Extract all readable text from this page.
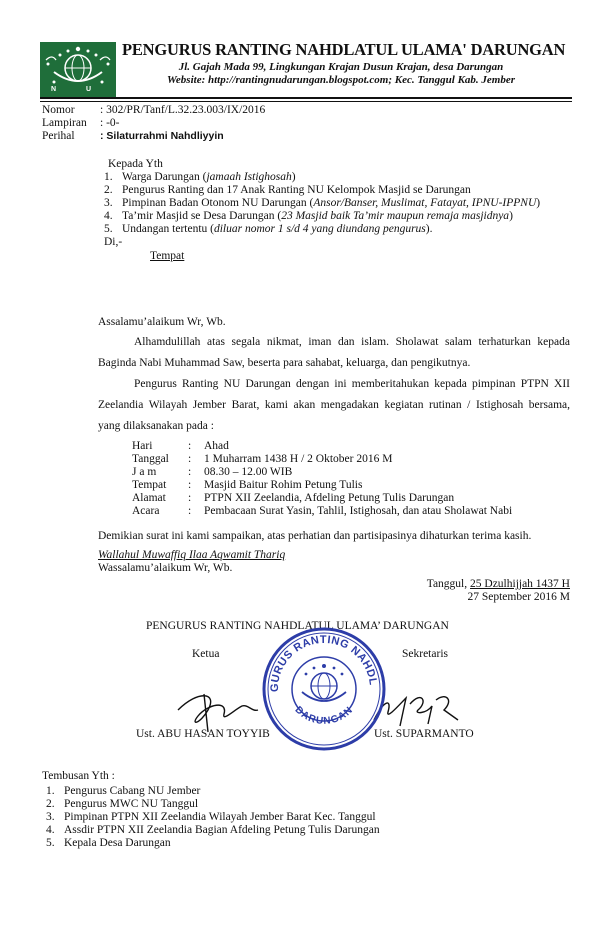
N U
PENGURUS RANTING NAHDLATUL ULAMA' DARUNGAN
Jl. Gajah Mada 99, Lingkungan Krajan Dusun Krajan, desa Darungan
Website: http://rantingnudarungan.blogspot.com; Kec. Tanggul Kab. Jember
Nomor : 302/PR/Tanf/L.32.23.003/IX/2016
Lampiran : -0-
Perihal : Silaturrahmi Nahdliyyin
Kepada Yth
1. Warga Darungan (jamaah Istighosah)
2. Pengurus Ranting dan 17 Anak Ranting NU Kelompok Masjid se Darungan
3. Pimpinan Badan Otonom NU Darungan (Ansor/Banser, Muslimat, Fatayat, IPNU-IPPNU)
4. Ta’mir Masjid se Desa Darungan (23 Masjid baik Ta’mir maupun remaja masjidnya)
5. Undangan tertentu (diluar nomor 1 s/d 4 yang diundang pengurus).
Di,-
Tempat
Assalamu’alaikum Wr, Wb.
Alhamdulillah atas segala nikmat, iman dan islam. Sholawat salam terhaturkan kepada
Baginda Nabi Muhammad Saw, beserta para sahabat, keluarga, dan pengikutnya.
Pengurus Ranting NU Darungan dengan ini memberitahukan kepada pimpinan PTPN XII
Zeelandia Wilayah Jember Barat, kami akan mengadakan kegiatan rutinan / Istighosah bersama,
yang dilaksanakan pada :
Hari	:	Ahad
Tanggal	:	1 Muharram 1438 H / 2 Oktober 2016 M
J a m	:	08.30 – 12.00 WIB
Tempat	:	Masjid Baitur Rohim Petung Tulis
Alamat	:	PTPN XII Zeelandia, Afdeling Petung Tulis Darungan
Acara	:	Pembacaan Surat Yasin, Tahlil, Istighosah, dan atau Sholawat Nabi
Demikian surat ini kami sampaikan, atas perhatian dan partisipasinya dihaturkan terima kasih.
Wallahul Muwaffiq Ilaa Aqwamit Thariq
Wassalamu’alaikum Wr, Wb.
Tanggul, 25 Dzulhijjah 1437 H
27 September 2016 M
PENGURUS RANTING NAHDLATUL ULAMA’ DARUNGAN
Ketua	Sekretaris
GURUS RANTING NAHDL
DARUNGAN
Ust. ABU HASAN TOYYIB	Ust. SUPARMANTO
Tembusan Yth :
1. Pengurus Cabang NU Jember
2. Pengurus MWC NU Tanggul
3. Pimpinan PTPN XII Zeelandia Wilayah Jember Barat Kec. Tanggul
4. Assdir PTPN XII Zeelandia Bagian Afdeling Petung Tulis Darungan
5. Kepala Desa Darungan
